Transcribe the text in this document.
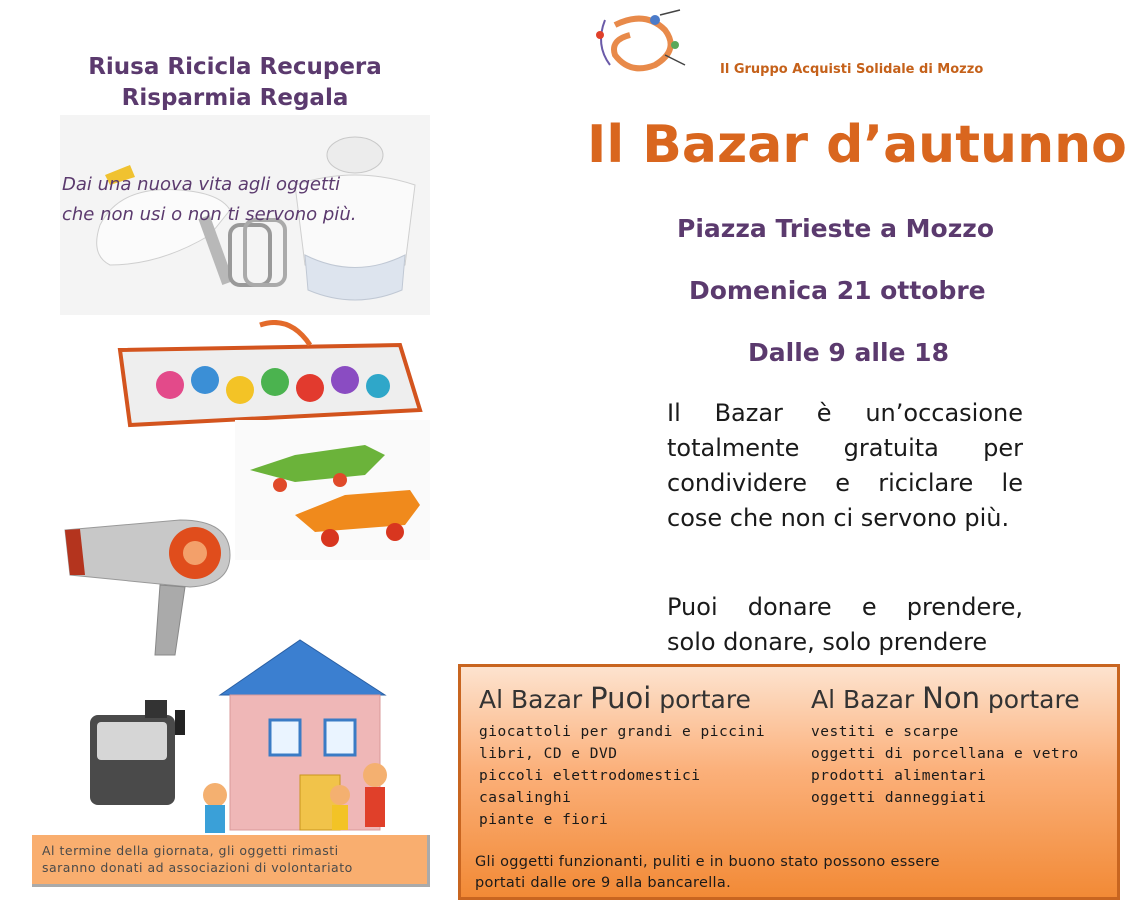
Riusa Ricicla Recupera
Risparmia Regala
Dai una nuova vita agli oggetti
che non usi o non ti servono più.
Al termine della giornata, gli oggetti rimasti
saranno donati ad associazioni di volontariato
Il Gruppo Acquisti Solidale di Mozzo
Il Bazar d’autunno
Piazza Trieste a Mozzo
Domenica 21 ottobre
Dalle 9 alle 18
Il Bazar è un’occasione
totalmente gratuita per
condividere e riciclare le
cose che non ci servono più.
Puoi donare e prendere,
solo donare, solo prendere
Al Bazar Puoi portare
giocattoli per grandi e piccini
libri, CD e DVD
piccoli elettrodomestici
casalinghi
piante e fiori
Al Bazar Non portare
vestiti e scarpe
oggetti di porcellana e vetro
prodotti alimentari
oggetti danneggiati
Gli oggetti funzionanti, puliti e in buono stato possono essere
portati dalle ore 9 alla bancarella.
